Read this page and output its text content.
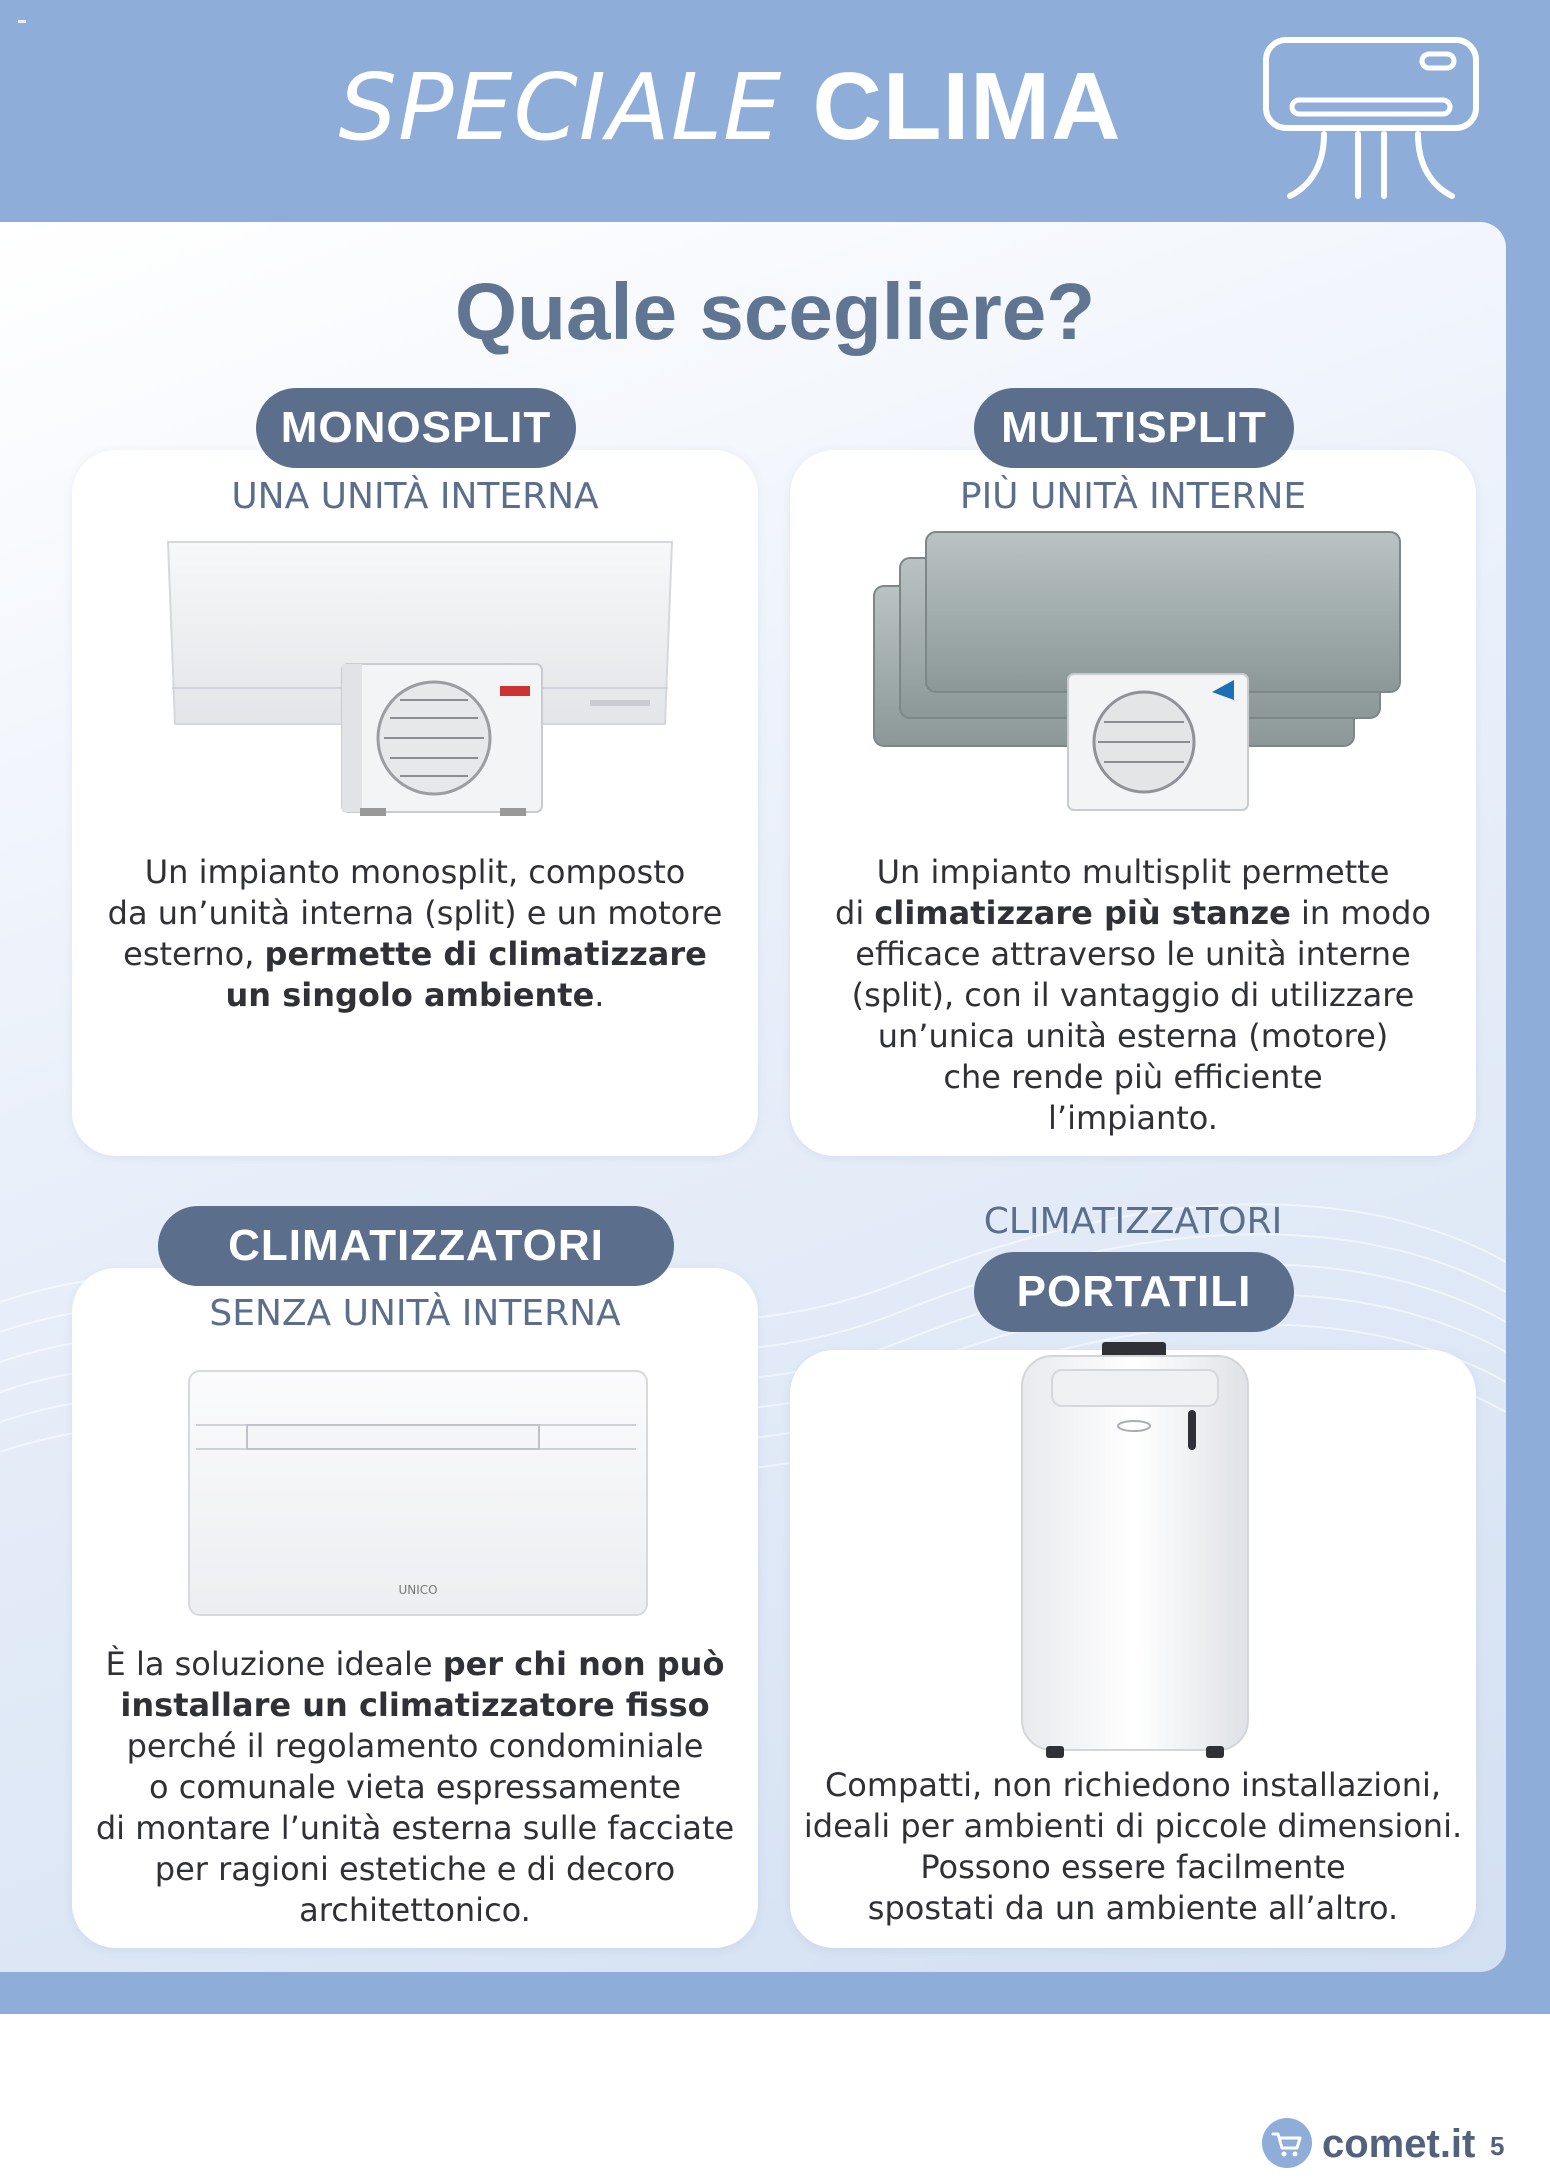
SPECIALE CLIMA
Quale scegliere?
MONOSPLIT
UNA UNITÀ INTERNA
Un impianto monosplit, composto
da un’unità interna (split) e un motore
esterno, permette di climatizzare
un singolo ambiente.
MULTISPLIT
PIÙ UNITÀ INTERNE
Un impianto multisplit permette
di climatizzare più stanze in modo
efficace attraverso le unità interne
(split), con il vantaggio di utilizzare
un’unica unità esterna (motore)
che rende più efficiente
l’impianto.
CLIMATIZZATORI
SENZA UNITÀ INTERNA
UNICO
È la soluzione ideale per chi non può
installare un climatizzatore fisso
perché il regolamento condominiale
o comunale vieta espressamente
di montare l’unità esterna sulle facciate
per ragioni estetiche e di decoro
architettonico.
CLIMATIZZATORI
PORTATILI
Compatti, non richiedono installazioni,
ideali per ambienti di piccole dimensioni.
Possono essere facilmente
spostati da un ambiente all’altro.
comet.it 5
